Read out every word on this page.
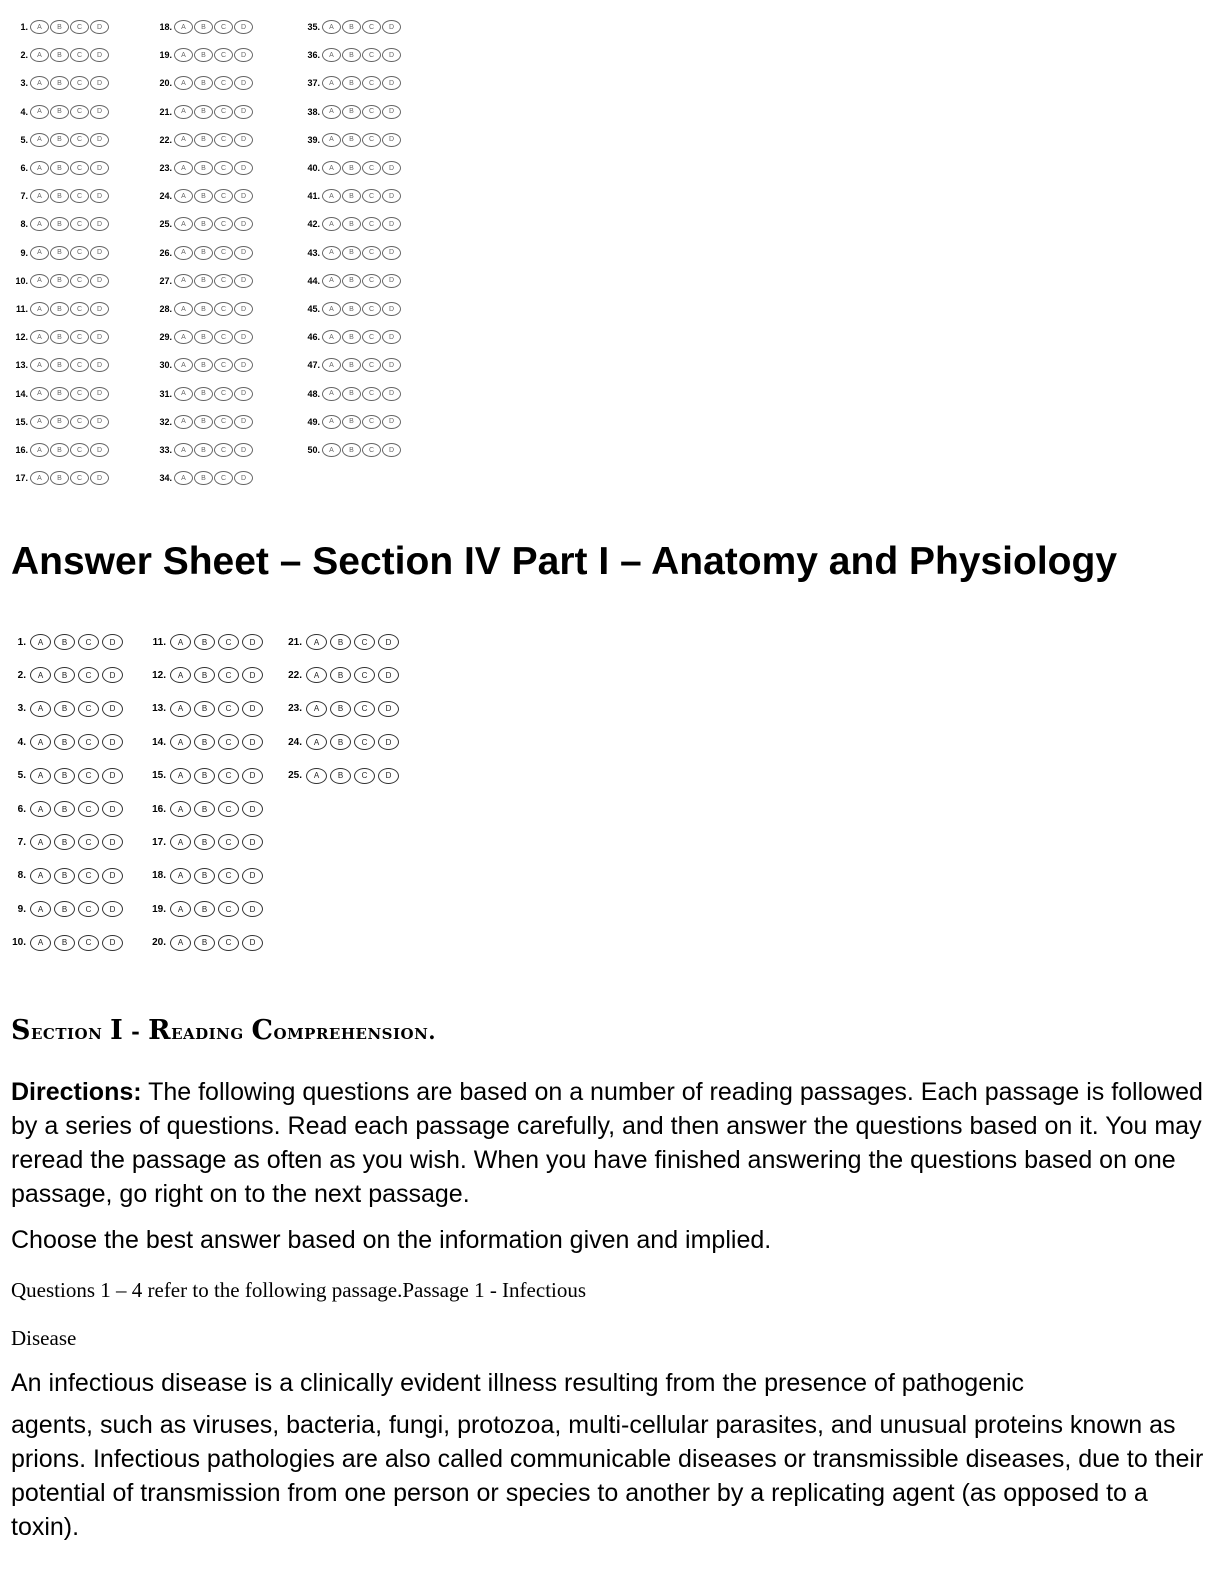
1.	A	B	C	D
2.	A	B	C	D
3.	A	B	C	D
4.	A	B	C	D
5.	A	B	C	D
6.	A	B	C	D
7.	A	B	C	D
8.	A	B	C	D
9.	A	B	C	D
10.	A	B	C	D
11.	A	B	C	D
12.	A	B	C	D
13.	A	B	C	D
14.	A	B	C	D
15.	A	B	C	D
16.	A	B	C	D
17.	A	B	C	D
18.	A	B	C	D
19.	A	B	C	D
20.	A	B	C	D
21.	A	B	C	D
22.	A	B	C	D
23.	A	B	C	D
24.	A	B	C	D
25.	A	B	C	D
26.	A	B	C	D
27.	A	B	C	D
28.	A	B	C	D
29.	A	B	C	D
30.	A	B	C	D
31.	A	B	C	D
32.	A	B	C	D
33.	A	B	C	D
34.	A	B	C	D
35.	A	B	C	D
36.	A	B	C	D
37.	A	B	C	D
38.	A	B	C	D
39.	A	B	C	D
40.	A	B	C	D
41.	A	B	C	D
42.	A	B	C	D
43.	A	B	C	D
44.	A	B	C	D
45.	A	B	C	D
46.	A	B	C	D
47.	A	B	C	D
48.	A	B	C	D
49.	A	B	C	D
50.	A	B	C	D
Answer Sheet – Section IV Part I – Anatomy and Physiology
1.	A	B	C	D
2.	A	B	C	D
3.	A	B	C	D
4.	A	B	C	D
5.	A	B	C	D
6.	A	B	C	D
7.	A	B	C	D
8.	A	B	C	D
9.	A	B	C	D
10.	A	B	C	D
11.	A	B	C	D
12.	A	B	C	D
13.	A	B	C	D
14.	A	B	C	D
15.	A	B	C	D
16.	A	B	C	D
17.	A	B	C	D
18.	A	B	C	D
19.	A	B	C	D
20.	A	B	C	D
21.	A	B	C	D
22.	A	B	C	D
23.	A	B	C	D
24.	A	B	C	D
25.	A	B	C	D
Section I - Reading Comprehension.

Directions: The following questions are based on a number of reading passages. Each passage is followed by a series of questions. Read each passage carefully, and then answer the questions based on it. You may reread the passage as often as you wish. When you have finished answering the questions based on one passage, go right on to the next passage.

Choose the best answer based on the information given and implied.

Questions 1 – 4 refer to the following passage.Passage 1 - Infectious

Disease

An infectious disease is a clinically evident illness resulting from the presence of pathogenic

agents, such as viruses, bacteria, fungi, protozoa, multi-cellular parasites, and unusual proteins known as prions. Infectious pathologies are also called communicable diseases or transmissible diseases, due to their potential of transmission from one person or species to another by a replicating agent (as opposed to a toxin).
